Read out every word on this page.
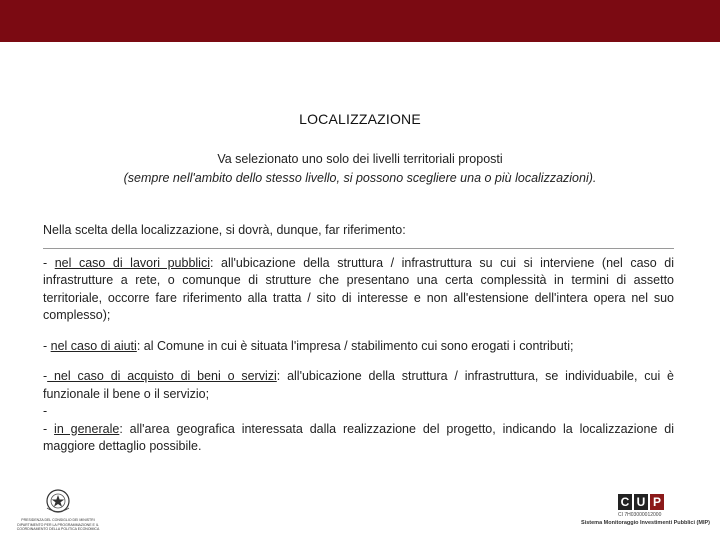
LOCALIZZAZIONE
Va selezionato uno solo dei livelli territoriali proposti
(sempre nell'ambito dello stesso livello, si possono scegliere una o più localizzazioni).

Nella scelta della localizzazione, si dovrà, dunque, far riferimento:

- nel caso di lavori pubblici: all'ubicazione della struttura / infrastruttura su cui si interviene (nel caso di infrastrutture a rete, o comunque di strutture che presentano una certa complessità in termini di assetto territoriale, occorre fare riferimento alla tratta / sito di interesse e non all'estensione dell'intera opera nel suo complesso);

- nel caso di aiuti: al Comune in cui è situata l'impresa / stabilimento cui sono erogati i contributi;

- nel caso di acquisto di beni o servizi: all'ubicazione della struttura / infrastruttura, se individuabile, cui è funzionale il bene o il servizio;

-

- in generale: all'area geografica interessata dalla realizzazione del progetto, indicando la localizzazione di maggiore dettaglio possibile.

PRESIDENZA DEL CONSIGLIO DEI MINISTRI DIPARTIMENTO PER LA PROGRAMMAZIONE E IL COORDINAMENTO DELLA POLITICA ECONOMICA
C U P
CI 7H03000012000
Sistema Monitoraggio Investimenti Pubblici (MIP)
